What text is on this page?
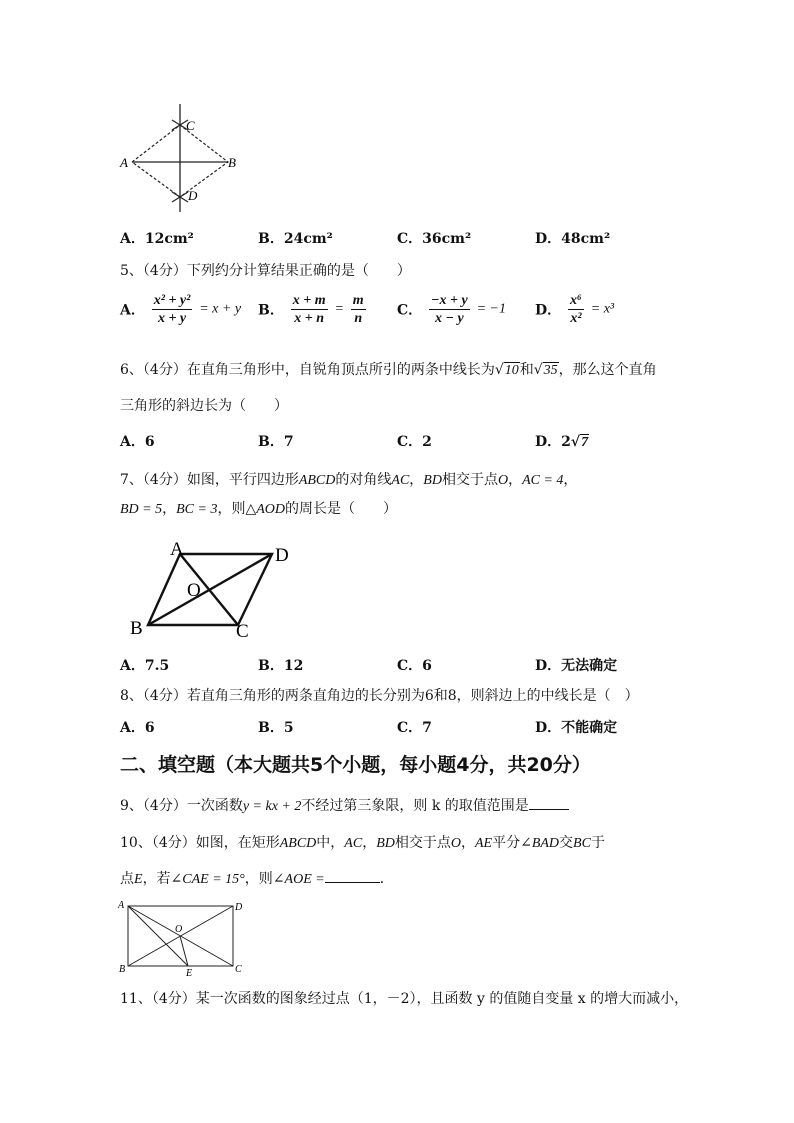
A	B
C
D
A．12cm²	B．24cm²	C．36cm²	D．48cm²
5、（4分）下列约分计算结果正确的是（　　）
A． $\frac{\text{x² + y²}}{x + y} = x + y$ B． $\frac{x + m}{x + n} = \frac{m}{n}$ C． $\frac{-x + y}{x - y} = -1$ D． $\frac{\text{x⁶}}{\text{x²}} = x^3$
6、（4分）在直角三角形中，自锐角顶点所引的两条中线长为√10和√35，那么这个直角
三角形的斜边长为（　　）
A．6	B．7	C．2	D．2√7
7、（4分）如图，平行四边形ABCD的对角线AC，BD相交于点O，AC = 4，
BD = 5，BC = 3，则△AOD的周长是（　　）
A	D
O
B	C
A．7.5	B．12	C．6	D．无法确定
8、（4分）若直角三角形的两条直角边的长分别为6和8，则斜边上的中线长是（　）
A．6	B．5	C．7	D．不能确定
二、填空题（本大题共5个小题，每小题4分，共20分）
9、（4分）一次函数y = kx + 2不经过第三象限，则 k 的取值范围是
10、（4分）如图，在矩形ABCD中，AC，BD相交于点O，AE平分∠BAD交BC于
点E，若∠CAE = 15°，则∠AOE =	．
A	D
O
B	E	C
11、（4分）某一次函数的图象经过点（1，－2），且函数 y 的值随自变量 x 的增大而减小，
